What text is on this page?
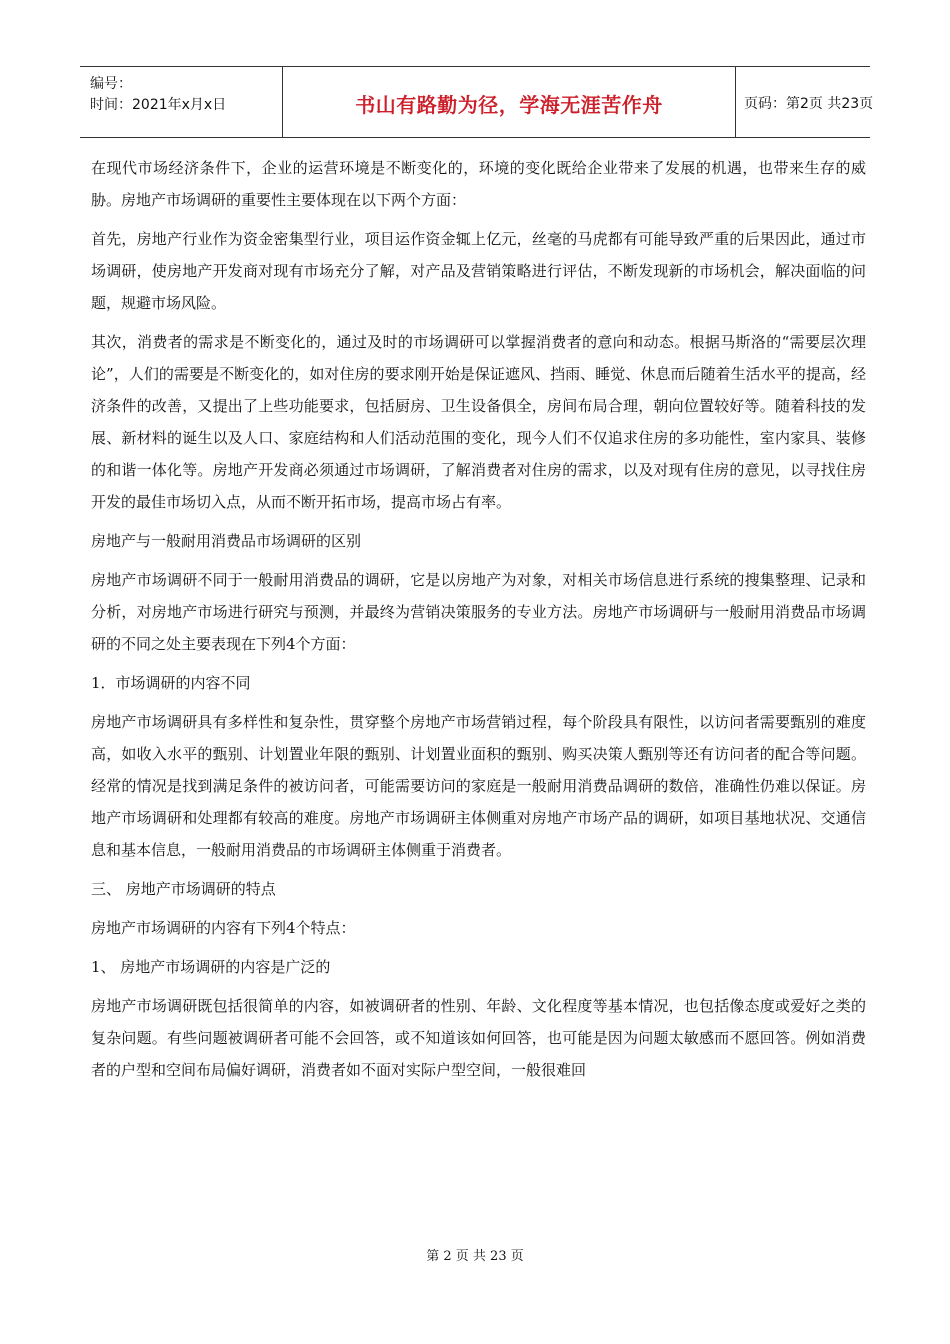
编号：
时间：2021年x月x日	书山有路勤为径，学海无涯苦作舟	页码：第2页 共23页

在现代市场经济条件下，企业的运营环境是不断变化的，环境的变化既给企业带来了发展的机遇，也带来生存的威胁。房地产市场调研的重要性主要体现在以下两个方面：

首先，房地产行业作为资金密集型行业，项目运作资金辄上亿元，丝毫的马虎都有可能导致严重的后果因此，通过市场调研，使房地产开发商对现有市场充分了解，对产品及营销策略进行评估，不断发现新的市场机会，解决面临的问题，规避市场风险。

其次，消费者的需求是不断变化的，通过及时的市场调研可以掌握消费者的意向和动态。根据马斯洛的“需要层次理论”，人们的需要是不断变化的，如对住房的要求刚开始是保证遮风、挡雨、睡觉、休息而后随着生活水平的提高，经济条件的改善，又提出了上些功能要求，包括厨房、卫生设备俱全，房间布局合理，朝向位置较好等。随着科技的发展、新材料的诞生以及人口、家庭结构和人们活动范围的变化，现今人们不仅追求住房的多功能性，室内家具、装修的和谐一体化等。房地产开发商必须通过市场调研，了解消费者对住房的需求，以及对现有住房的意见，以寻找住房开发的最佳市场切入点，从而不断开拓市场，提高市场占有率。

房地产与一般耐用消费品市场调研的区别

房地产市场调研不同于一般耐用消费品的调研，它是以房地产为对象，对相关市场信息进行系统的搜集整理、记录和分析，对房地产市场进行研究与预测，并最终为营销决策服务的专业方法。房地产市场调研与一般耐用消费品市场调研的不同之处主要表现在下列4个方面：

1．市场调研的内容不同

房地产市场调研具有多样性和复杂性，贯穿整个房地产市场营销过程，每个阶段具有限性，以访问者需要甄别的难度高，如收入水平的甄别、计划置业年限的甄别、计划置业面积的甄别、购买决策人甄别等还有访问者的配合等问题。经常的情况是找到满足条件的被访问者，可能需要访问的家庭是一般耐用消费品调研的数倍，准确性仍难以保证。房地产市场调研和处理都有较高的难度。房地产市场调研主体侧重对房地产市场产品的调研，如项目基地状况、交通信息和基本信息，一般耐用消费品的市场调研主体侧重于消费者。

三、 房地产市场调研的特点

房地产市场调研的内容有下列4个特点：

1、 房地产市场调研的内容是广泛的

房地产市场调研既包括很简单的内容，如被调研者的性别、年龄、文化程度等基本情况，也包括像态度或爱好之类的复杂问题。有些问题被调研者可能不会回答，或不知道该如何回答，也可能是因为问题太敏感而不愿回答。例如消费者的户型和空间布局偏好调研，消费者如不面对实际户型空间，一般很难回

第 2 页 共 23 页
